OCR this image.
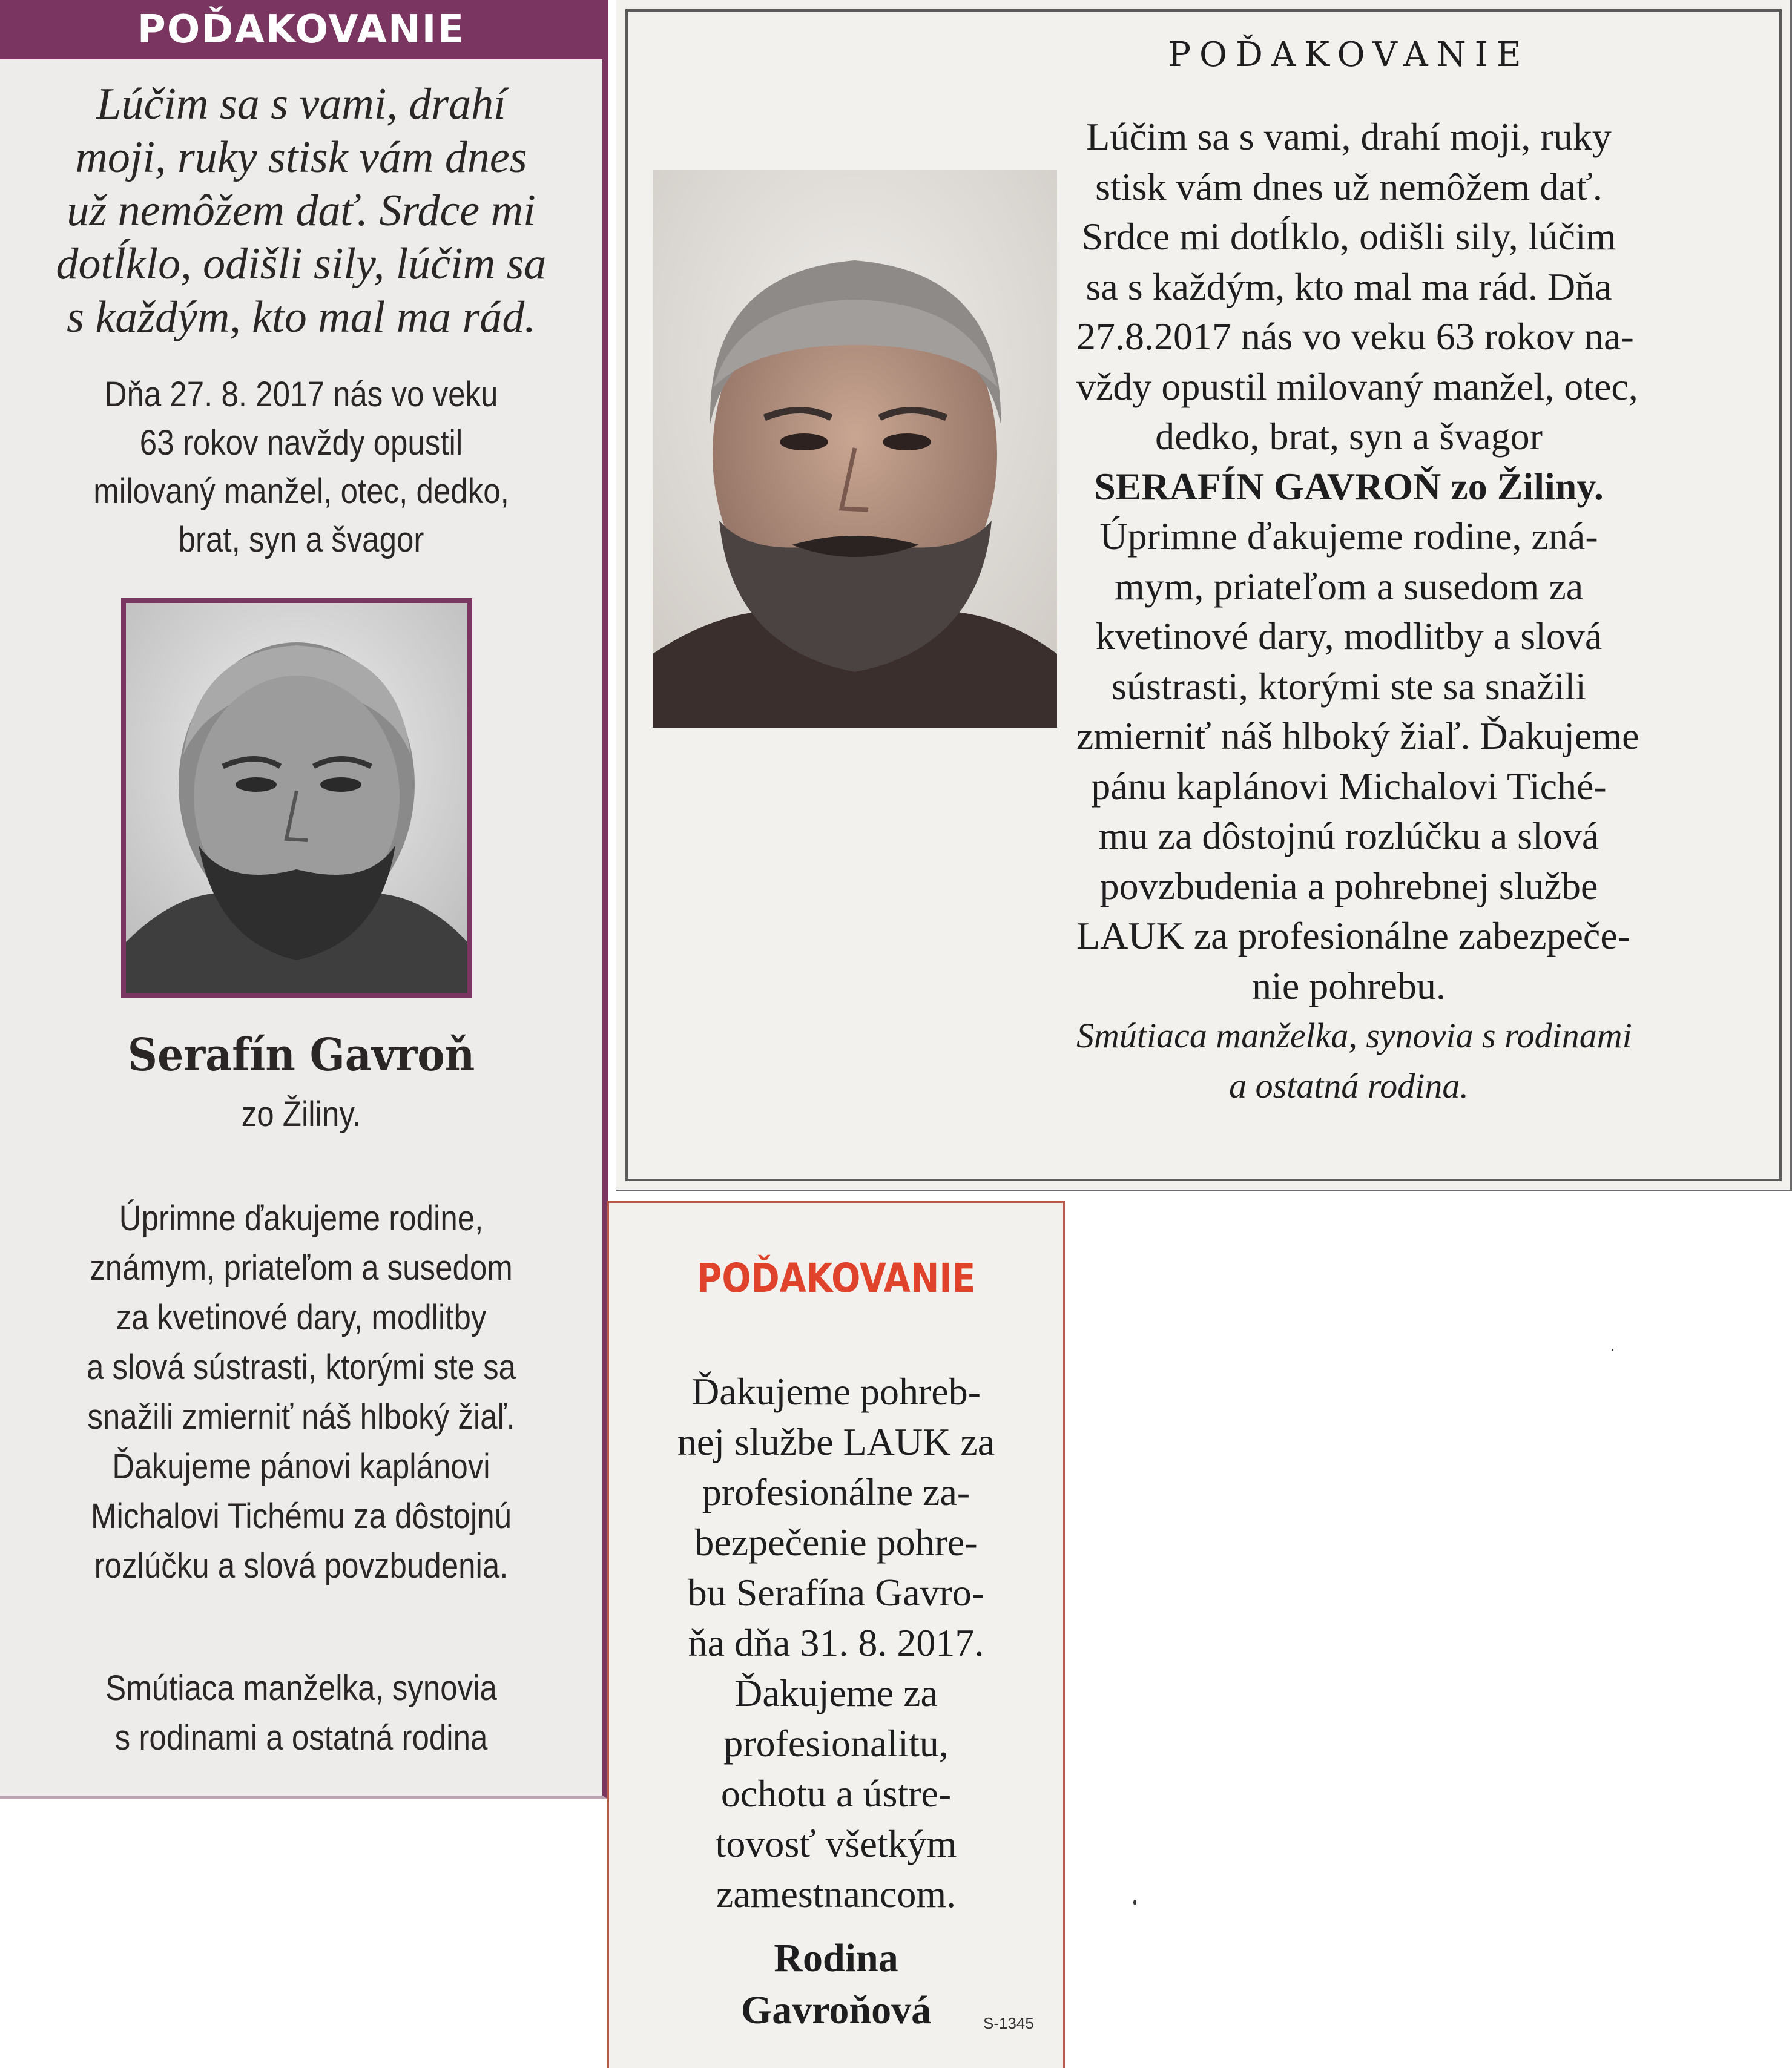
POĎAKOVANIE
Lúčim sa s vami, drahí
moji, ruky stisk vám dnes
už nemôžem dať. Srdce mi
dotĺklo, odišli sily, lúčim sa
s každým, kto mal ma rád.
Dňa 27. 8. 2017 nás vo veku
63 rokov navždy opustil
milovaný manžel, otec, dedko,
brat, syn a švagor
Serafín Gavroň
zo Žiliny.
Úprimne ďakujeme rodine,
známym, priateľom a susedom
za kvetinové dary, modlitby
a slová sústrasti, ktorými ste sa
snažili zmierniť náš hlboký žiaľ.
Ďakujeme pánovi kaplánovi
Michalovi Tichému za dôstojnú
rozlúčku a slová povzbudenia.
Smútiaca manželka, synovia
s rodinami a ostatná rodina
POĎAKOVANIE
Lúčim sa s vami, drahí moji, ruky
stisk vám dnes už nemôžem dať.
Srdce mi dotĺklo, odišli sily, lúčim
sa s každým, kto mal ma rád. Dňa
27.8.2017 nás vo veku 63 rokov na-
vždy opustil milovaný manžel, otec,
dedko, brat, syn a švagor
SERAFÍN GAVROŇ zo Žiliny.
Úprimne ďakujeme rodine, zná-
mym, priateľom a susedom za
kvetinové dary, modlitby a slová
sústrasti, ktorými ste sa snažili
zmierniť náš hlboký žiaľ. Ďakujeme
pánu kaplánovi Michalovi Tiché-
mu za dôstojnú rozlúčku a slová
povzbudenia a pohrebnej službe
LAUK za profesionálne zabezpeče-
nie pohrebu.
Smútiaca manželka, synovia s rodinami
a ostatná rodina.
POĎAKOVANIE
Ďakujeme pohreb-
nej službe LAUK za
profesionálne za-
bezpečenie pohre-
bu Serafína Gavro-
ňa dňa 31. 8. 2017.
Ďakujeme za
profesionalitu,
ochotu a ústre-
tovosť všetkým
zamestnancom.
Rodina
Gavroňová	S-1345
